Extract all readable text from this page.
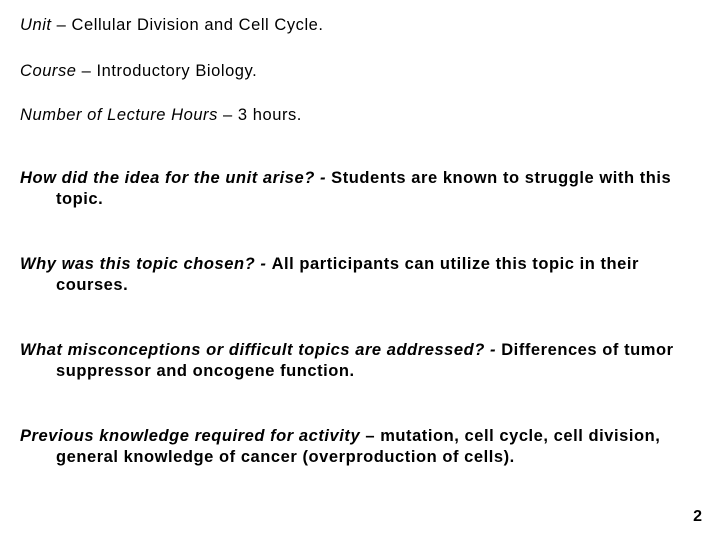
Unit – Cellular Division and Cell Cycle.
Course – Introductory Biology.
Number of Lecture Hours – 3 hours.
How did the idea for the unit arise? - Students are known to struggle with this topic.
Why was this topic chosen? - All participants can utilize this topic in their courses.
What misconceptions or difficult topics are addressed? - Differences of tumor suppressor and oncogene function.
Previous knowledge required for activity – mutation, cell cycle, cell division, general knowledge of cancer (overproduction of cells).
2
